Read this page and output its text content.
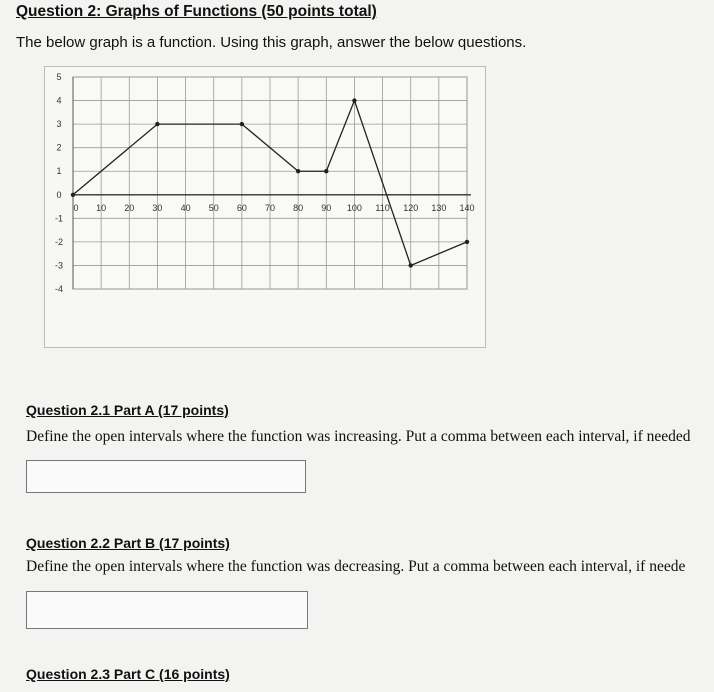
Question 2: Graphs of Functions (50 points total)
The below graph is a function. Using this graph, answer the below questions.
5
4
3
2
1
0
-1
-2
-3
-4
0 10 20 30 40 50 60 70 80 90 100 110 120 130 140
Question 2.1 Part A (17 points)
Define the open intervals where the function was increasing. Put a comma between each interval, if needed
Question 2.2 Part B (17 points)
Define the open intervals where the function was decreasing. Put a comma between each interval, if neede
Question 2.3 Part C (16 points)
